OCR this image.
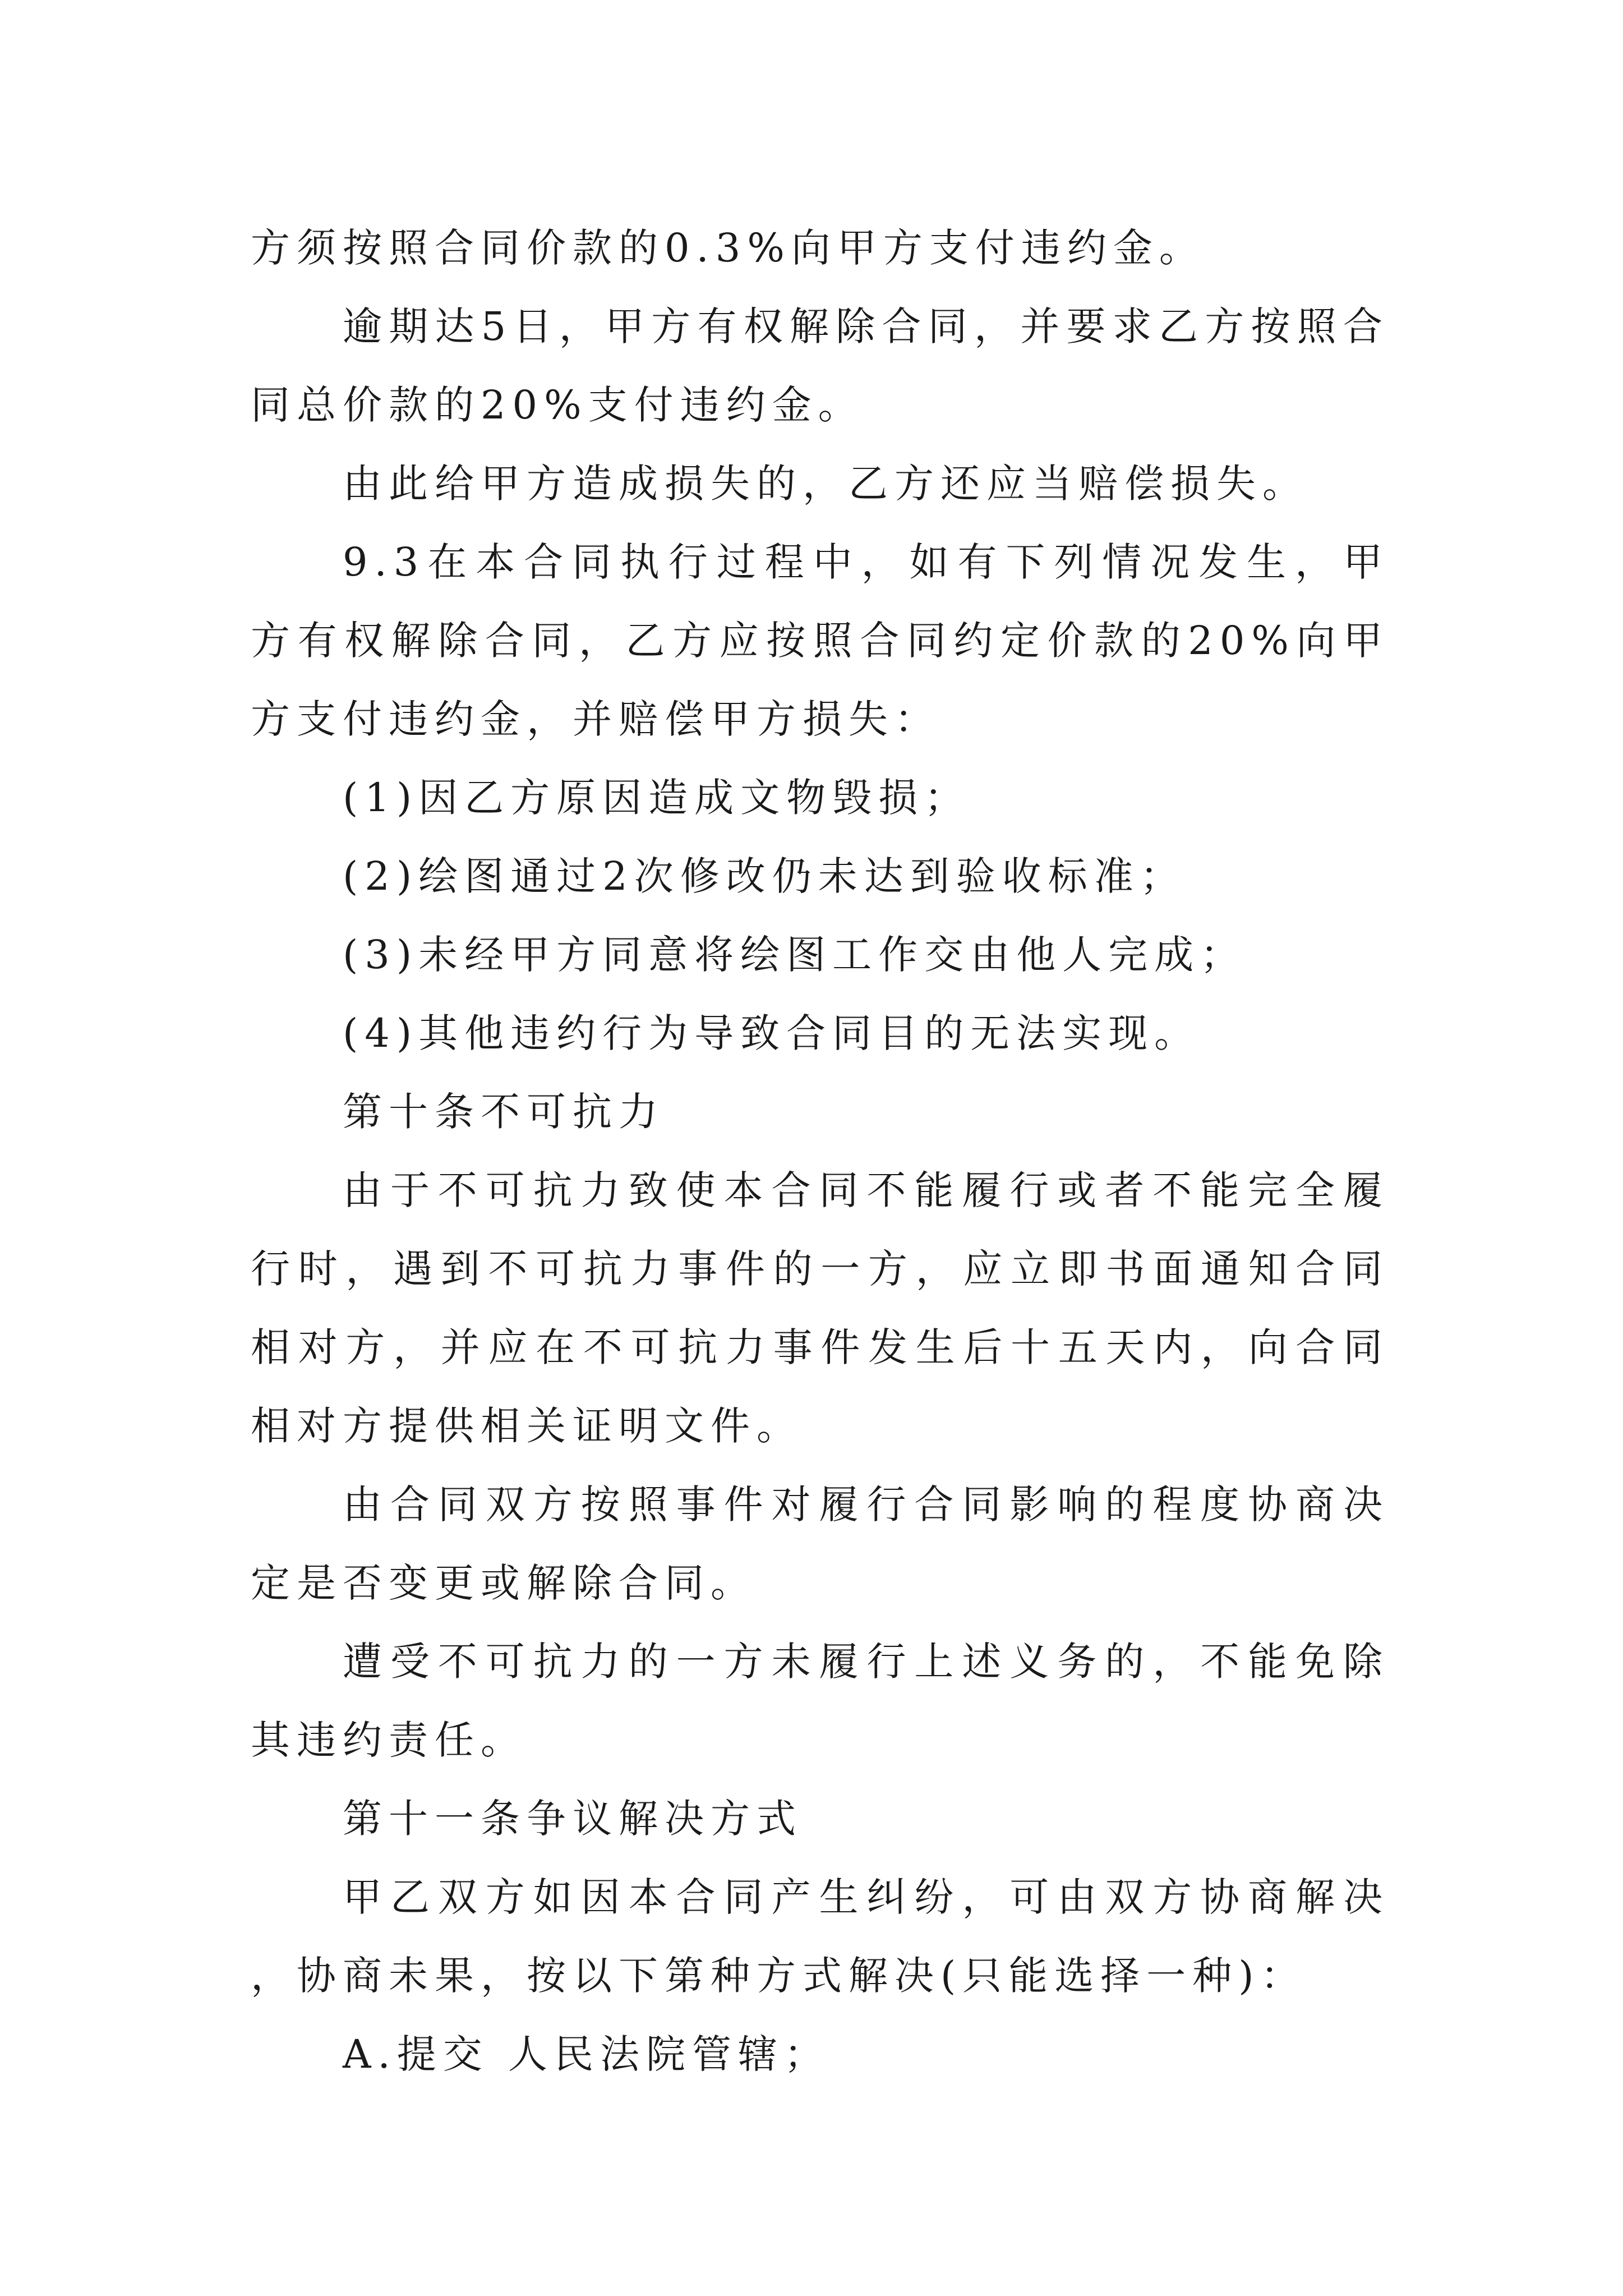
方须按照合同价款的0.3%向甲方支付违约金。

逾期达5日，甲方有权解除合同，并要求乙方按照合同总价款的20%支付违约金。

由此给甲方造成损失的，乙方还应当赔偿损失。

9.3在本合同执行过程中，如有下列情况发生，甲方有权解除合同，乙方应按照合同约定价款的20%向甲方支付违约金，并赔偿甲方损失：

(1)因乙方原因造成文物毁损；

(2)绘图通过2次修改仍未达到验收标准；

(3)未经甲方同意将绘图工作交由他人完成；

(4)其他违约行为导致合同目的无法实现。

第十条不可抗力

由于不可抗力致使本合同不能履行或者不能完全履行时，遇到不可抗力事件的一方，应立即书面通知合同相对方，并应在不可抗力事件发生后十五天内，向合同相对方提供相关证明文件。

由合同双方按照事件对履行合同影响的程度协商决定是否变更或解除合同。

遭受不可抗力的一方未履行上述义务的，不能免除其违约责任。

第十一条争议解决方式

甲乙双方如因本合同产生纠纷，可由双方协商解决，协商未果，按以下第种方式解决(只能选择一种)：

A.提交 人民法院管辖；
